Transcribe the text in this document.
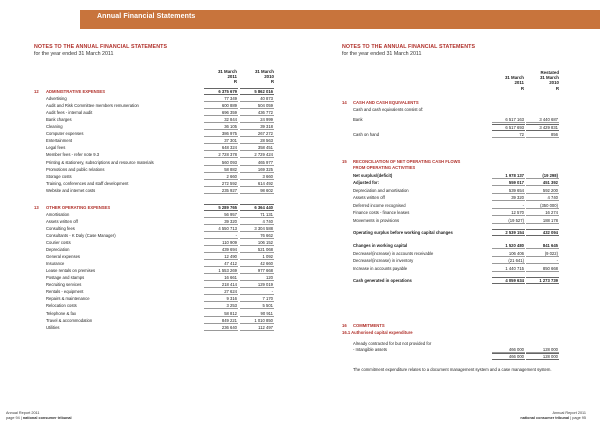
Annual Financial Statements
NOTES TO THE ANNUAL FINANCIAL STATEMENTS
for the year ended 31 March 2011
31 March
2011
R
31 March
2010
R
12 ADMINISTRATIVE EXPENSES	6 375 679	5 862 016
Advertising	77 349	40 873
Audit and Risk Committee members remuneration	600 889	504 059
Audit fees - internal audit	696 359	436 772
Bank charges	32 844	24 999
Cleaning	36 105	39 318
Computer expenses	386 975	267 272
Entertainment	37 301	28 563
Legal fees	648 324	358 451
Member fees - refer note 9.3	2 728 378	2 729 424
Printing & stationery, subscriptions and resource materials	560 093	465 977
Promotions and public relations	58 882	169 325
Storage costs	2 660	3 660
Training, conferences and staff development	272 592	614 492
Website and internet costs	235 927	98 602
13 OTHER OPERATING EXPENSES	5 289 765	6 364 440
Amortisation	56 957	71 131
Assets written off	39 320	4 740
Consulting fees	4 550 713	3 304 588
Consultants - K Daly (Case Manager)	-	76 662
Courier costs	110 909	106 152
Depreciation	439 694	521 068
General expenses	12 490	1 092
Insurance	47 412	42 660
Lease rentals on premises	1 553 269	977 668
Postage and stamps	16 661	120
Recruiting services	218 414	129 019
Rentals - equipment	27 624	-
Repairs & maintenance	9 316	7 170
Relocation costs	3 253	5 501
Telephone & fax	58 812	90 911
Travel & accommodation	849 221	1 010 850
Utilities	236 640	112 497
NOTES TO THE ANNUAL FINANCIAL STATEMENTS
for the year ended 31 March 2011

31 March
2011
R
Restated
31 March
2010
R
14 CASH AND CASH EQUIVALENTS
Cash and cash equivalents consist of:
Bank	6 517 163	3 440 687
6 517 693	3 429 831
Cash on hand	72	856
15 RECONCILIATION OF NET OPERATING CASH FLOWS
FROM OPERATING ACTIVITIES
Net surplus/(deficit)	1 978 137	(19 298)
Adjusted for:	559 017	451 392
Depreciation and amortisation	539 654	592 200
Assets written off	39 320	4 740
Deferred income recognised	-	(350 000)
Finance costs - finance leases	12 570	16 274
Movements in provisions	(19 527)	188 178
Operating surplus before working capital changes	2 539 154	432 094
Changes in working capital	1 520 480	841 645
Decrease/(increase) in accounts receivable	106 406	(9 022)
Decrease/(increase) in inventory	(21 641)	-
Increase in accounts payable	1 440 715	850 668
Cash generated in operations	4 059 634	1 273 739
16 COMMITMENTS
16.1 Authorised capital expenditure
Already contracted for but not provided for
- Intangible assets	466 000	128 000
466 000	128 000
The commitment expenditure relates to a document management system and a case management system.
Annual Report 2011
page 94 | national consumer tribunal
Annual Report 2011
national consumer tribunal | page 95
